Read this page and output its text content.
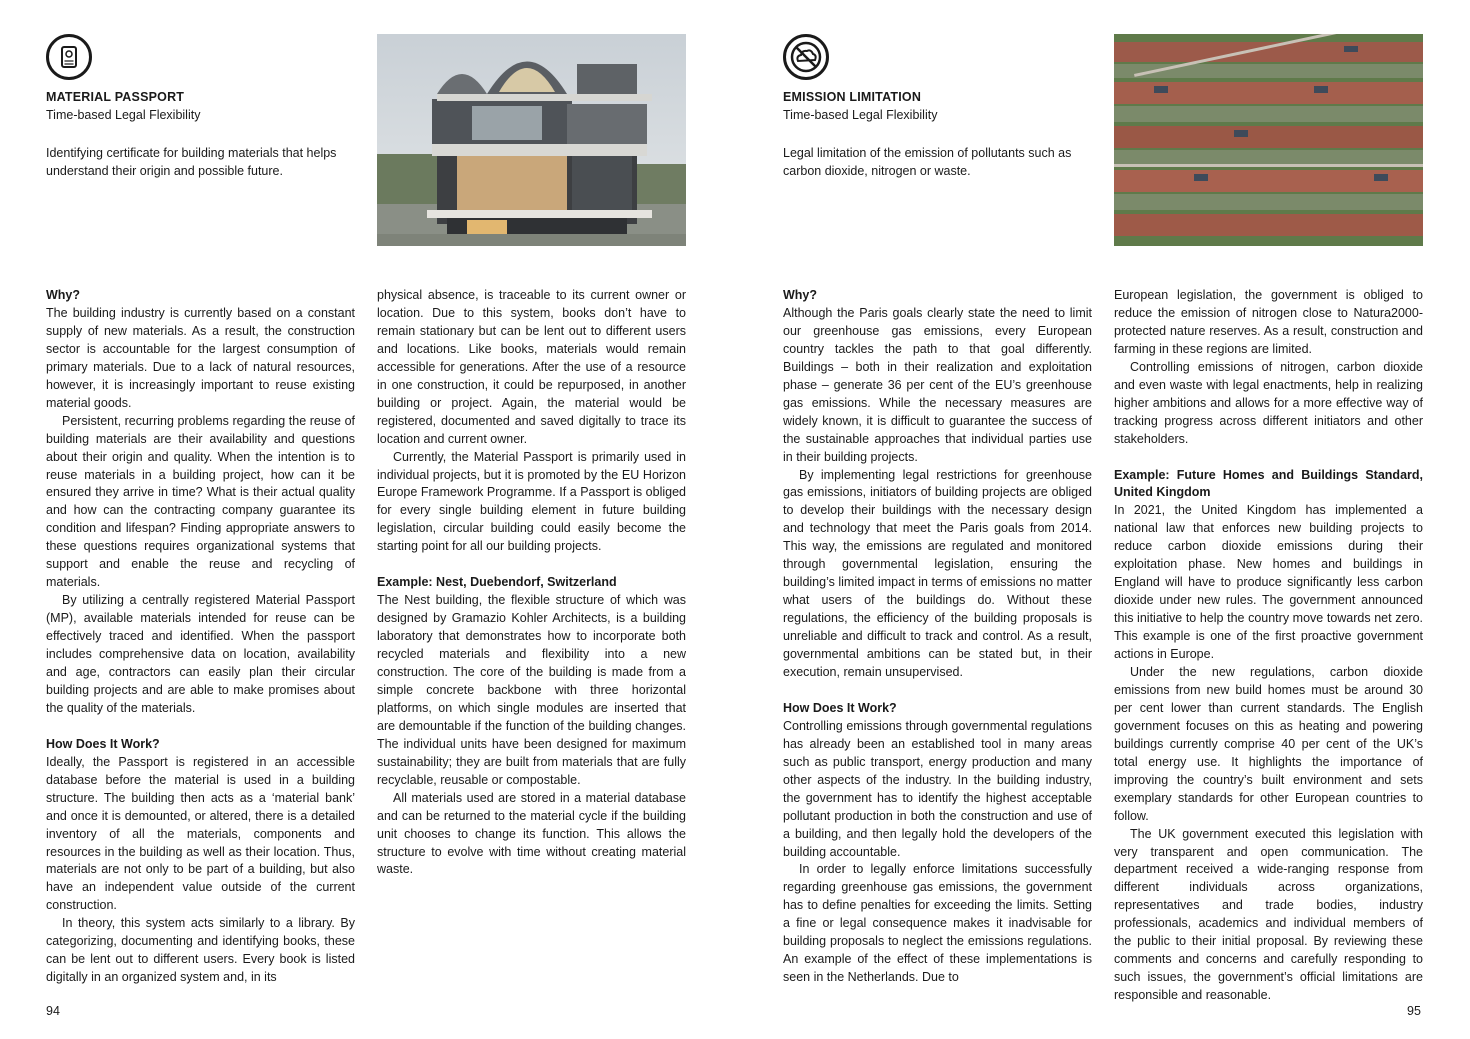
MATERIAL PASSPORT
Time-based Legal Flexibility
Identifying certificate for building materials that helps understand their origin and possible future.
Why?

The building industry is currently based on a constant supply of new materials. As a result, the construction sector is accountable for the largest consumption of primary materials. Due to a lack of natural resources, however, it is increasingly important to reuse existing material goods.

Persistent, recurring problems regarding the reuse of building materials are their availability and questions about their origin and quality. When the intention is to reuse materials in a building project, how can it be ensured they arrive in time? What is their actual quality and how can the contracting company guarantee its condition and lifespan? Finding appropriate answers to these questions requires organizational systems that support and enable the reuse and recycling of materials.

By utilizing a centrally registered Material Passport (MP), available materials intended for reuse can be effectively traced and identified. When the passport includes comprehensive data on location, availability and age, contractors can easily plan their circular building projects and are able to make promises about the quality of the materials.

How Does It Work?

Ideally, the Passport is registered in an accessible database before the material is used in a building structure. The building then acts as a ‘material bank’ and once it is demounted, or altered, there is a detailed inventory of all the materials, components and resources in the building as well as their location. Thus, materials are not only to be part of a building, but also have an independent value outside of the current construction.

In theory, this system acts similarly to a library. By categorizing, documenting and identifying books, these can be lent out to different users. Every book is listed digitally in an organized system and, in its

physical absence, is traceable to its current owner or location. Due to this system, books don’t have to remain stationary but can be lent out to different users and locations. Like books, materials would remain accessible for generations. After the use of a resource in one construction, it could be repurposed, in another building or project. Again, the material would be registered, documented and saved digitally to trace its location and current owner.

Currently, the Material Passport is primarily used in individual projects, but it is promoted by the EU Horizon Europe Framework Programme. If a Passport is obliged for every single building element in future building legislation, circular building could easily become the starting point for all our building projects.

Example: Nest, Duebendorf, Switzerland

The Nest building, the flexible structure of which was designed by Gramazio Kohler Architects, is a building laboratory that demonstrates how to incorporate both recycled materials and flexibility into a new construction. The core of the building is made from a simple concrete backbone with three horizontal platforms, on which single modules are inserted that are demountable if the function of the building changes. The individual units have been designed for maximum sustainability; they are built from materials that are fully recyclable, reusable or compostable.

All materials used are stored in a material database and can be returned to the material cycle if the building unit chooses to change its function. This allows the structure to evolve with time without creating material waste.

94
EMISSION LIMITATION
Time-based Legal Flexibility
Legal limitation of the emission of pollutants such as carbon dioxide, nitrogen or waste.
Why?

Although the Paris goals clearly state the need to limit our greenhouse gas emissions, every European country tackles the path to that goal differently. Buildings – both in their realization and exploitation phase – generate 36 per cent of the EU’s greenhouse gas emissions. While the necessary measures are widely known, it is difficult to guarantee the success of the sustainable approaches that individual parties use in their building projects.

By implementing legal restrictions for greenhouse gas emissions, initiators of building projects are obliged to develop their buildings with the necessary design and technology that meet the Paris goals from 2014. This way, the emissions are regulated and monitored through governmental legislation, ensuring the building’s limited impact in terms of emissions no matter what users of the buildings do. Without these regulations, the efficiency of the building proposals is unreliable and difficult to track and control. As a result, governmental ambitions can be stated but, in their execution, remain unsupervised.

How Does It Work?

Controlling emissions through governmental regulations has already been an established tool in many areas such as public transport, energy production and many other aspects of the industry. In the building industry, the government has to identify the highest acceptable pollutant production in both the construction and use of a building, and then legally hold the developers of the building accountable.

In order to legally enforce limitations successfully regarding greenhouse gas emissions, the government has to define penalties for exceeding the limits. Setting a fine or legal consequence makes it inadvisable for building proposals to neglect the emissions regulations. An example of the effect of these implementations is seen in the Netherlands. Due to

European legislation, the government is obliged to reduce the emission of nitrogen close to Natura2000-protected nature reserves. As a result, construction and farming in these regions are limited.

Controlling emissions of nitrogen, carbon dioxide and even waste with legal enactments, help in realizing higher ambitions and allows for a more effective way of tracking progress across different initiators and other stakeholders.

Example: Future Homes and Buildings Standard, United Kingdom

In 2021, the United Kingdom has implemented a national law that enforces new building projects to reduce carbon dioxide emissions during their exploitation phase. New homes and buildings in England will have to produce significantly less carbon dioxide under new rules. The government announced this initiative to help the country move towards net zero. This example is one of the first proactive government actions in Europe.

Under the new regulations, carbon dioxide emissions from new build homes must be around 30 per cent lower than current standards. The English government focuses on this as heating and powering buildings currently comprise 40 per cent of the UK’s total energy use. It highlights the importance of improving the country’s built environment and sets exemplary standards for other European countries to follow.

The UK government executed this legislation with very transparent and open communication. The department received a wide-ranging response from different individuals across organizations, representatives and trade bodies, industry professionals, academics and individual members of the public to their initial proposal. By reviewing these comments and concerns and carefully responding to such issues, the government’s official limitations are responsible and reasonable.

95
